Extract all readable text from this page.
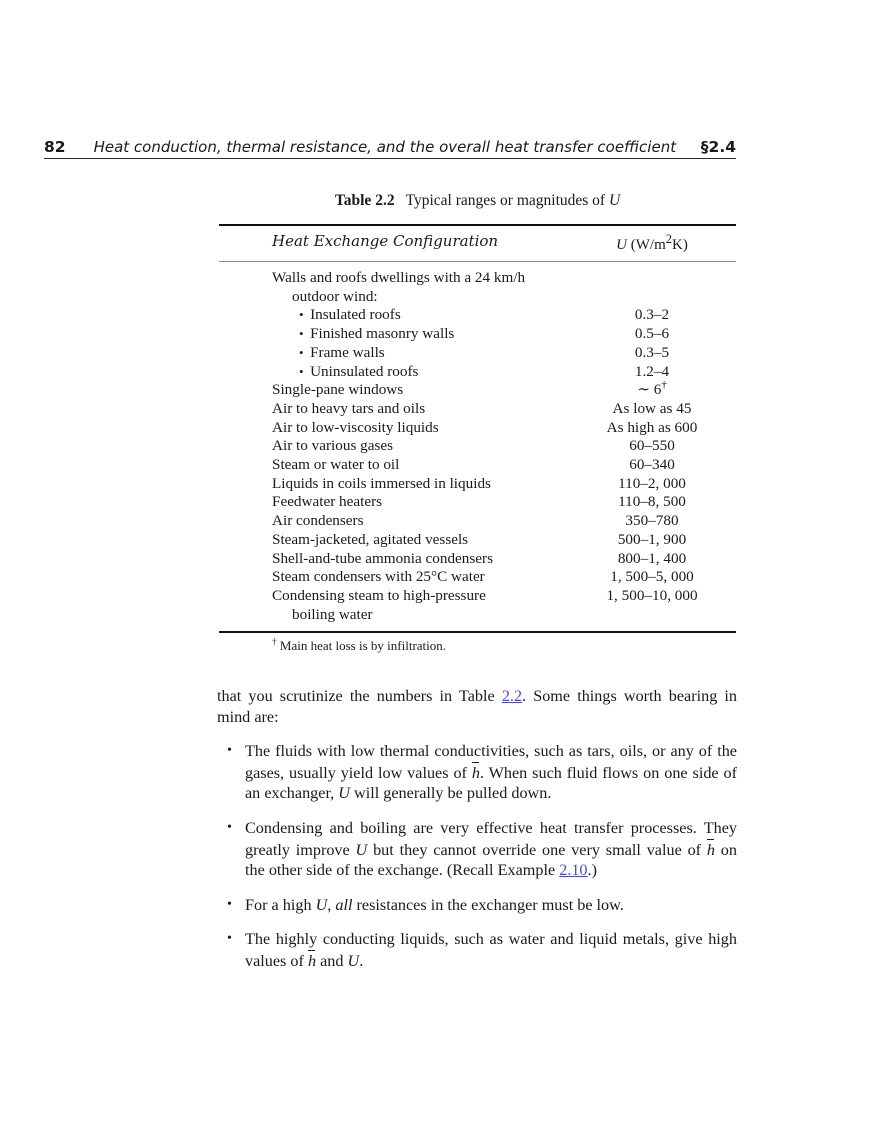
82	Heat conduction, thermal resistance, and the overall heat transfer coefficient	§2.4
Table 2.2 Typical ranges or magnitudes of U
Heat Exchange Configuration	U $(W/m^2K)$
Walls and roofs dwellings with a 24 km/h
outdoor wind:
•  Insulated roofs	0.3–2
•  Finished masonry walls	0.5–6
•  Frame walls	0.3–5
•  Uninsulated roofs	1.2–4
Single-pane windows	∼ 6†
Air to heavy tars and oils	As low as 45
Air to low-viscosity liquids	As high as 600
Air to various gases	60–550
Steam or water to oil	60–340
Liquids in coils immersed in liquids	110–2, 000
Feedwater heaters	110–8, 500
Air condensers	350–780
Steam-jacketed, agitated vessels	500–1, 900
Shell-and-tube ammonia condensers	800–1, 400
Steam condensers with 25°C water	1, 500–5, 000
Condensing steam to high-pressure	1, 500–10, 000
boiling water
† Main heat loss is by infiltration.

that you scrutinize the numbers in Table 2.2. Some things worth bearing in mind are:

• The fluids with low thermal conductivities, such as tars, oils, or any of the gases, usually yield low values of h. When such fluid flows on one side of an exchanger, U will generally be pulled down.
• Condensing and boiling are very effective heat transfer processes. They greatly improve U but they cannot override one very small value of h on the other side of the exchange. (Recall Example 2.10.)
• For a high U, all resistances in the exchanger must be low.
• The highly conducting liquids, such as water and liquid metals, give high values of h and U.
